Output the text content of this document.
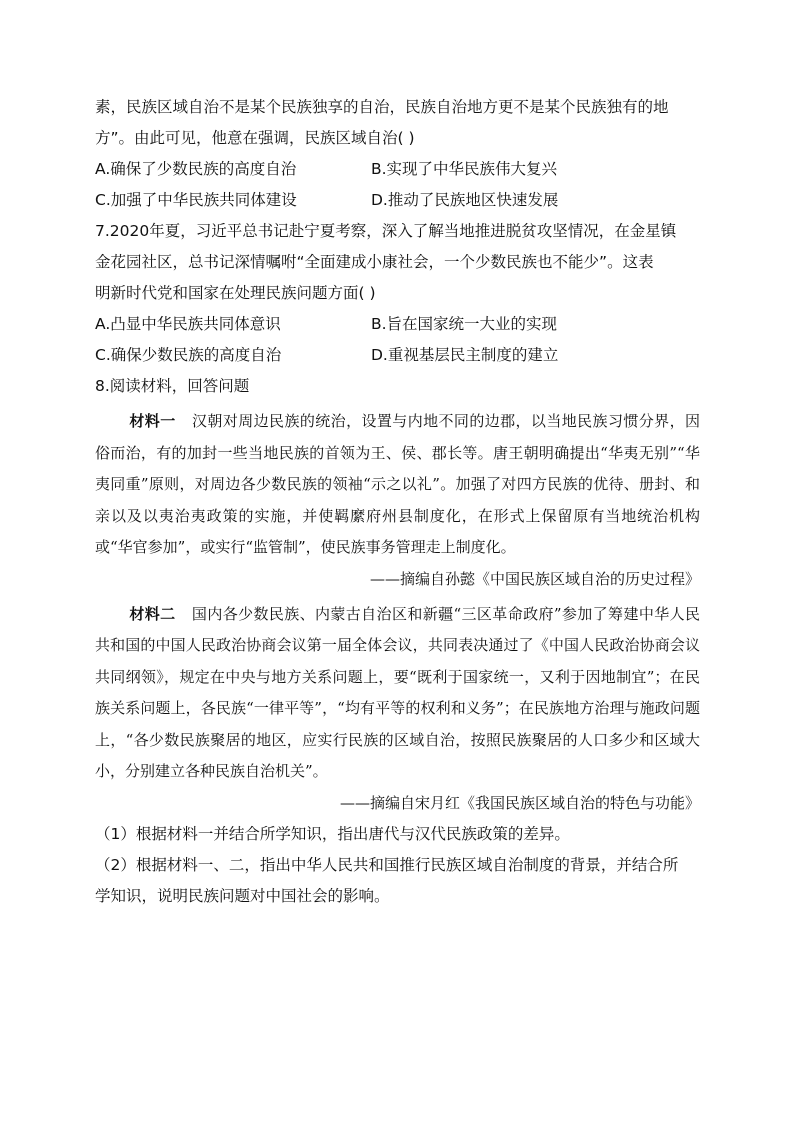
素，民族区域自治不是某个民族独享的自治，民族自治地方更不是某个民族独有的地
方”。由此可见，他意在强调，民族区域自治( )
A.确保了少数民族的高度自治	B.实现了中华民族伟大复兴
C.加强了中华民族共同体建设	D.推动了民族地区快速发展
7.2020年夏，习近平总书记赴宁夏考察，深入了解当地推进脱贫攻坚情况，在金星镇
金花园社区，总书记深情嘱咐“全面建成小康社会，一个少数民族也不能少”。这表
明新时代党和国家在处理民族问题方面( )
A.凸显中华民族共同体意识	B.旨在国家统一大业的实现
C.确保少数民族的高度自治	D.重视基层民主制度的建立
8.阅读材料，回答问题
材料一 汉朝对周边民族的统治，设置与内地不同的边郡，以当地民族习惯分界，因俗而治，有的加封一些当地民族的首领为王、侯、郡长等。唐王朝明确提出“华夷无别”“华夷同重”原则，对周边各少数民族的领袖“示之以礼”。加强了对四方民族的优待、册封、和亲以及以夷治夷政策的实施，并使羁縻府州县制度化，在形式上保留原有当地统治机构或“华官参加”，或实行“监管制”，使民族事务管理走上制度化。
——摘编自孙懿《中国民族区域自治的历史过程》
材料二 国内各少数民族、内蒙古自治区和新疆“三区革命政府”参加了筹建中华人民共和国的中国人民政治协商会议第一届全体会议，共同表决通过了《中国人民政治协商会议共同纲领》，规定在中央与地方关系问题上，要“既利于国家统一，又利于因地制宜”；在民族关系问题上，各民族“一律平等”，“均有平等的权利和义务”；在民族地方治理与施政问题上，“各少数民族聚居的地区，应实行民族的区域自治，按照民族聚居的人口多少和区域大小，分别建立各种民族自治机关”。
——摘编自宋月红《我国民族区域自治的特色与功能》
（1）根据材料一并结合所学知识，指出唐代与汉代民族政策的差异。
（2）根据材料一、二，指出中华人民共和国推行民族区域自治制度的背景，并结合所
学知识，说明民族问题对中国社会的影响。
